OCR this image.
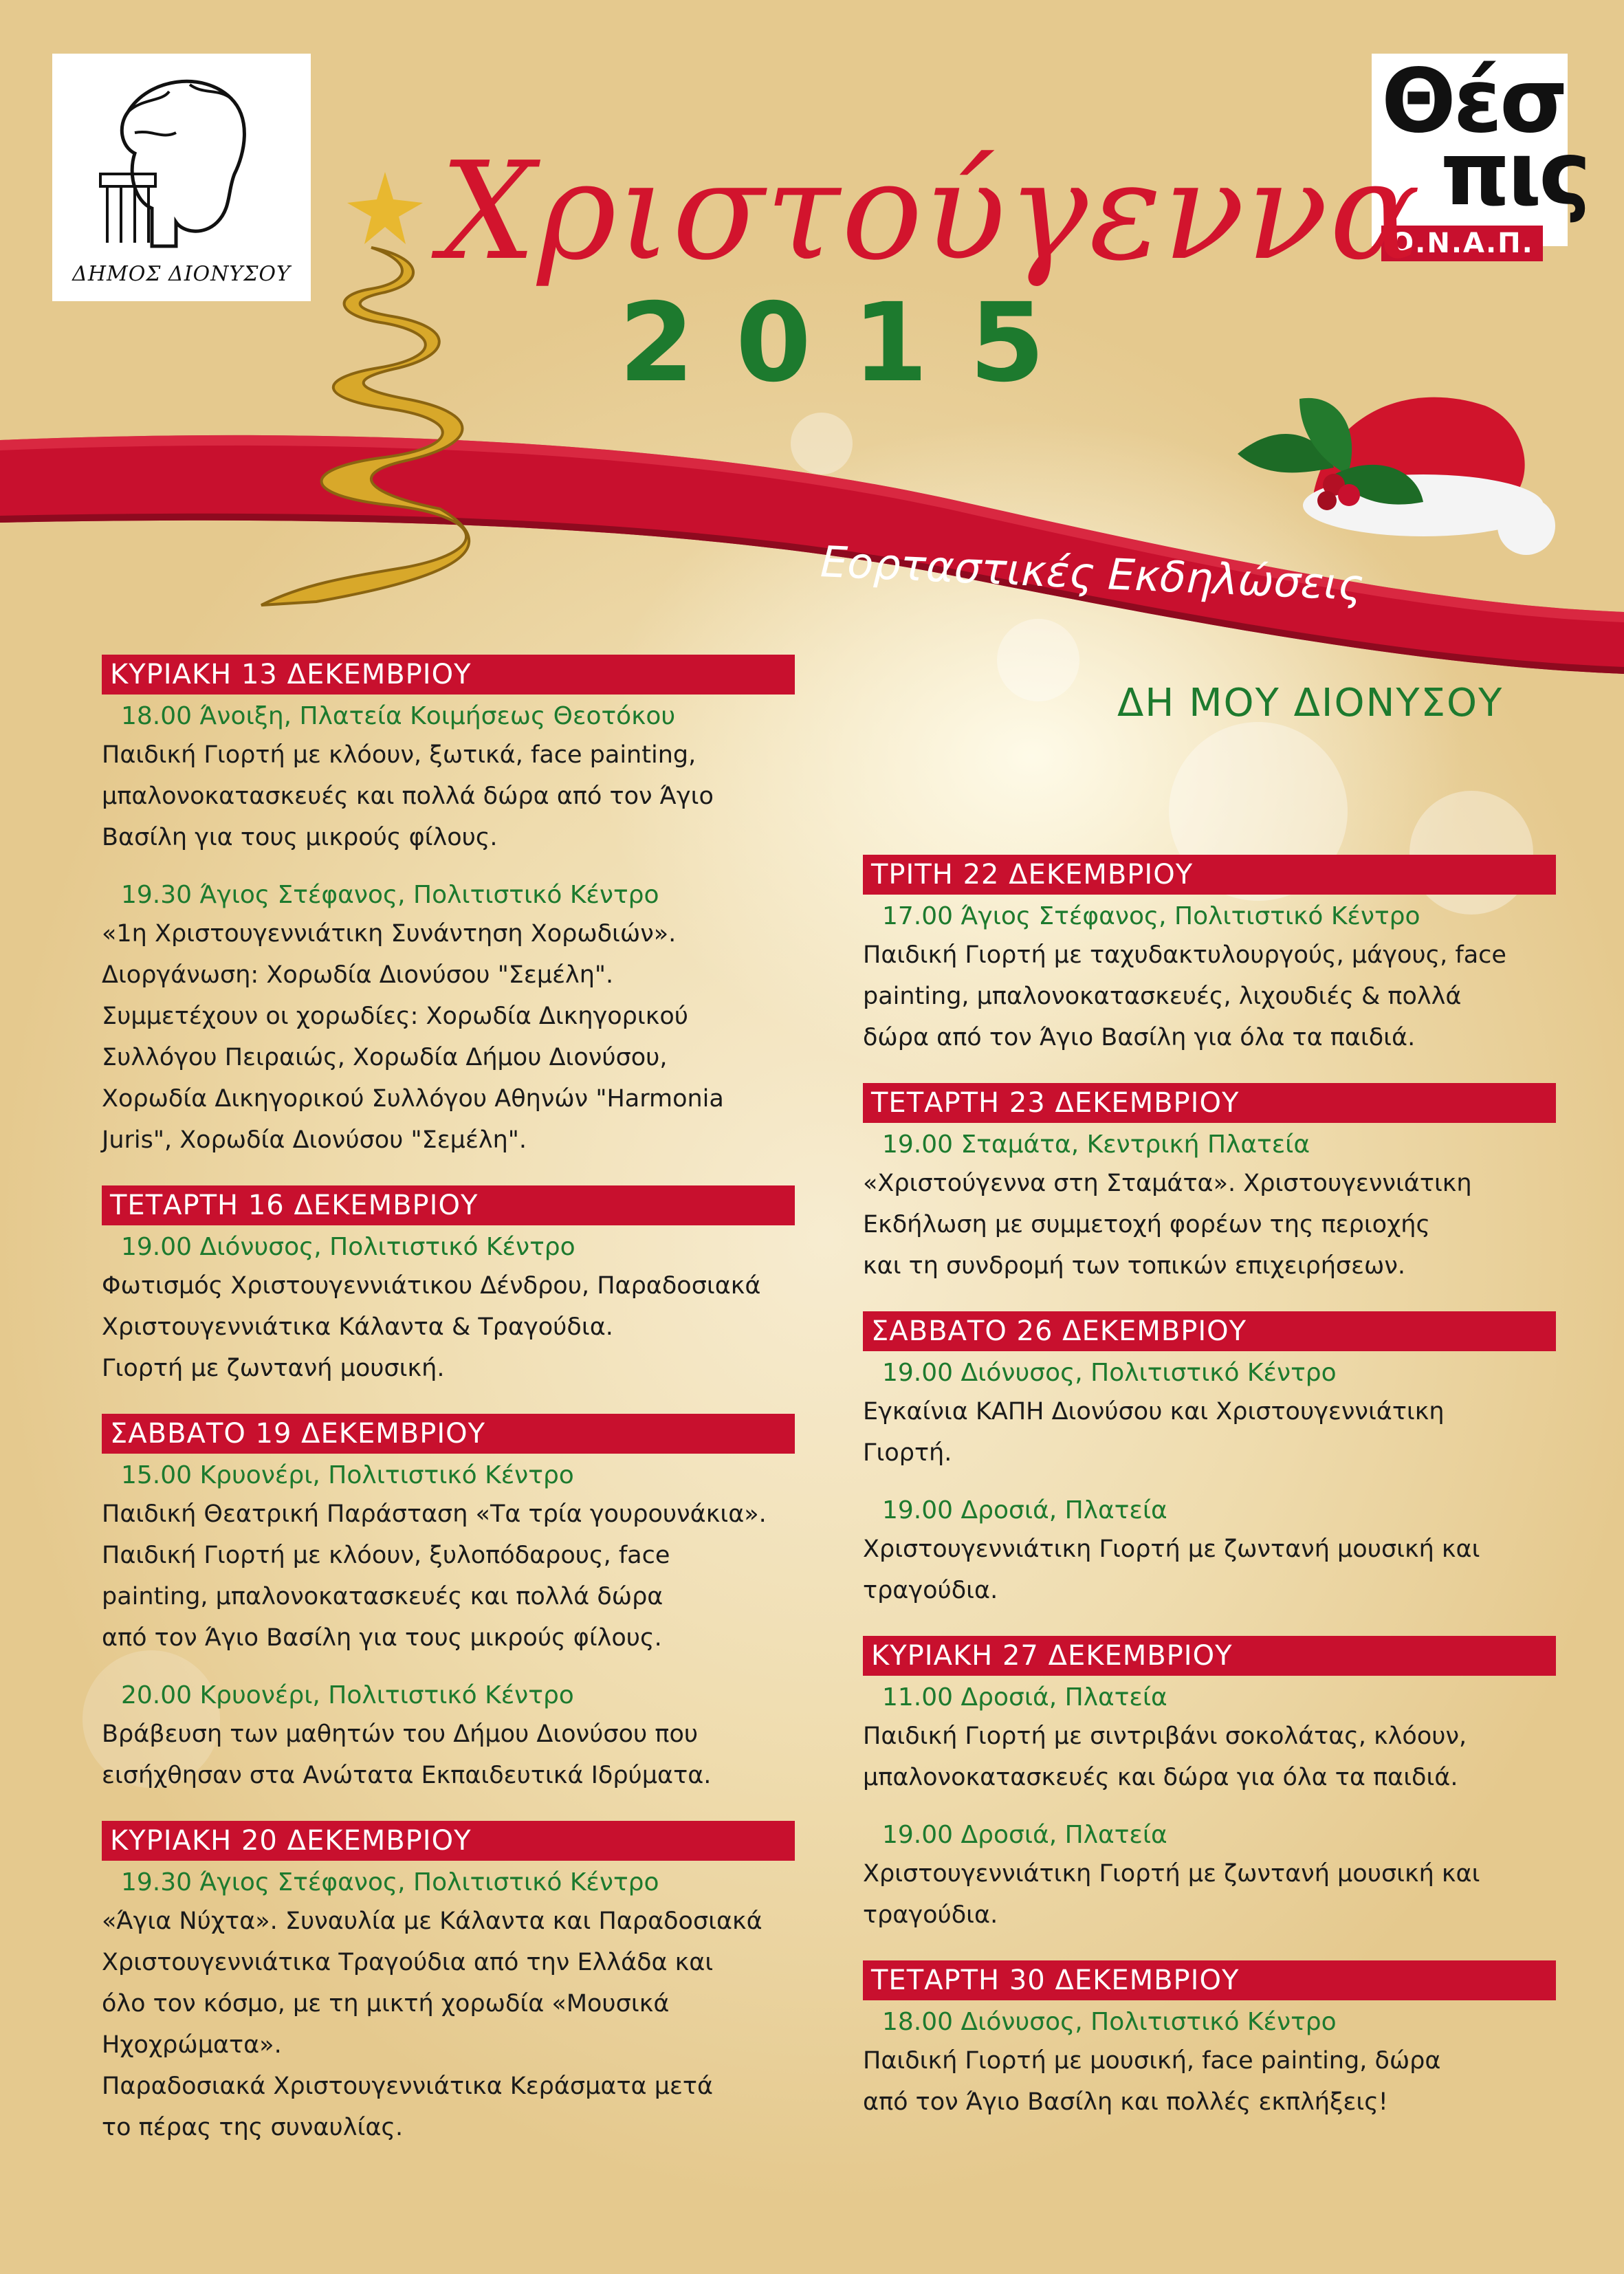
ΔΗΜΟΣ ΔΙΟΝΥΣΟΥ
Θέσ
πις
Ο.Ν.Α.Π.
Χριστούγεννα
2015
Εορταστικές Εκδηλώσεις
ΔΗ ΜΟΥ ΔΙΟΝΥΣΟΥ
ΚΥΡΙΑΚΗ 13 ΔΕΚΕΜΒΡΙΟΥ
18.00 Άνοιξη, Πλατεία Κοιμήσεως Θεοτόκου
Παιδική Γιορτή με κλόουν, ξωτικά, face painting,
μπαλονοκατασκευές και πολλά δώρα από τον Άγιο
Βασίλη για τους μικρούς φίλους.
19.30 Άγιος Στέφανος, Πολιτιστικό Κέντρο
«1η Χριστουγεννιάτικη Συνάντηση Χορωδιών».
Διοργάνωση: Χορωδία Διονύσου "Σεμέλη".
Συμμετέχουν οι χορωδίες: Χορωδία Δικηγορικού
Συλλόγου Πειραιώς, Χορωδία Δήμου Διονύσου,
Χορωδία Δικηγορικού Συλλόγου Αθηνών "Harmonia
Juris", Χορωδία Διονύσου "Σεμέλη".
ΤΕΤΑΡΤΗ 16 ΔΕΚΕΜΒΡΙΟΥ
19.00 Διόνυσος, Πολιτιστικό Κέντρο
Φωτισμός Χριστουγεννιάτικου Δένδρου, Παραδοσιακά
Χριστουγεννιάτικα Κάλαντα & Τραγούδια.
Γιορτή με ζωντανή μουσική.
ΣΑΒΒΑΤΟ 19 ΔΕΚΕΜΒΡΙΟΥ
15.00 Κρυονέρι, Πολιτιστικό Κέντρο
Παιδική Θεατρική Παράσταση «Τα τρία γουρουνάκια».
Παιδική Γιορτή με κλόουν, ξυλοπόδαρους, face
painting, μπαλονοκατασκευές και πολλά δώρα
από τον Άγιο Βασίλη για τους μικρούς φίλους.
20.00 Κρυονέρι, Πολιτιστικό Κέντρο
Βράβευση των μαθητών του Δήμου Διονύσου που
εισήχθησαν στα Ανώτατα Εκπαιδευτικά Ιδρύματα.
ΚΥΡΙΑΚΗ 20 ΔΕΚΕΜΒΡΙΟΥ
19.30 Άγιος Στέφανος, Πολιτιστικό Κέντρο
«Άγια Νύχτα». Συναυλία με Κάλαντα και Παραδοσιακά
Χριστουγεννιάτικα Τραγούδια από την Ελλάδα και
όλο τον κόσμο, με τη μικτή χορωδία «Μουσικά
Ηχοχρώματα».
Παραδοσιακά Χριστουγεννιάτικα Κεράσματα μετά
το πέρας της συναυλίας.
ΤΡΙΤΗ 22 ΔΕΚΕΜΒΡΙΟΥ
17.00 Άγιος Στέφανος, Πολιτιστικό Κέντρο
Παιδική Γιορτή με ταχυδακτυλουργούς, μάγους, face
painting, μπαλονοκατασκευές, λιχουδιές & πολλά
δώρα από τον Άγιο Βασίλη για όλα τα παιδιά.
ΤΕΤΑΡΤΗ 23 ΔΕΚΕΜΒΡΙΟΥ
19.00 Σταμάτα, Κεντρική Πλατεία
«Χριστούγεννα στη Σταμάτα». Χριστουγεννιάτικη
Εκδήλωση με συμμετοχή φορέων της περιοχής
και τη συνδρομή των τοπικών επιχειρήσεων.
ΣΑΒΒΑΤΟ 26 ΔΕΚΕΜΒΡΙΟΥ
19.00 Διόνυσος, Πολιτιστικό Κέντρο
Εγκαίνια ΚΑΠΗ Διονύσου και Χριστουγεννιάτικη
Γιορτή.
19.00 Δροσιά, Πλατεία
Χριστουγεννιάτικη Γιορτή με ζωντανή μουσική και
τραγούδια.
ΚΥΡΙΑΚΗ 27 ΔΕΚΕΜΒΡΙΟΥ
11.00 Δροσιά, Πλατεία
Παιδική Γιορτή με σιντριβάνι σοκολάτας, κλόουν,
μπαλονοκατασκευές και δώρα για όλα τα παιδιά.
19.00 Δροσιά, Πλατεία
Χριστουγεννιάτικη Γιορτή με ζωντανή μουσική και
τραγούδια.
ΤΕΤΑΡΤΗ 30 ΔΕΚΕΜΒΡΙΟΥ
18.00 Διόνυσος, Πολιτιστικό Κέντρο
Παιδική Γιορτή με μουσική, face painting, δώρα
από τον Άγιο Βασίλη και πολλές εκπλήξεις!
